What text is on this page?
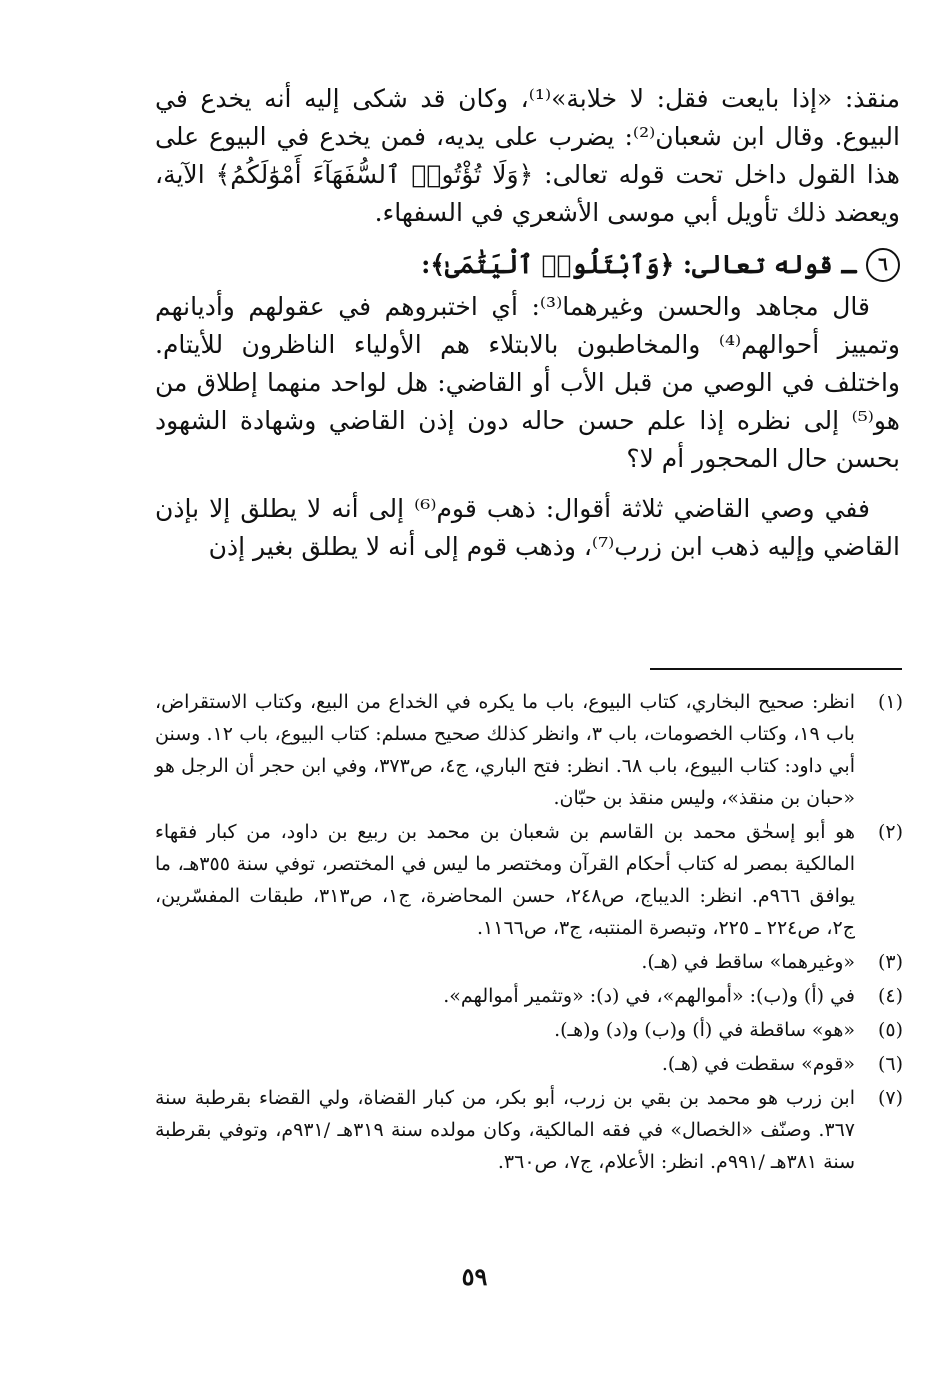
منقذ: «إذا بايعت فقل: لا خلابة»⁽¹⁾، وكان قد شكى إليه أنه يخدع في البيوع. وقال ابن شعبان⁽²⁾: يضرب على يديه، فمن يخدع في البيوع على هذا القول داخل تحت قوله تعالى: ﴿وَلَا تُؤْتُوا۟ ٱلسُّفَهَآءَ أَمْوَٰلَكُمُ﴾ الآية، ويعضد ذلك تأويل أبي موسى الأشعري في السفهاء.

٦
ـ قوله تعالى: ﴿وَٱبْتَلُوا۟ ٱلْيَتَٰمَىٰ﴾:

قال مجاهد والحسن وغيرهما⁽³⁾: أي اختبروهم في عقولهم وأديانهم وتمييز أحوالهم⁽⁴⁾ والمخاطبون بالابتلاء هم الأولياء الناظرون للأيتام. واختلف في الوصي من قبل الأب أو القاضي: هل لواحد منهما إطلاق من هو⁽⁵⁾ إلى نظره إذا علم حسن حاله دون إذن القاضي وشهادة الشهود بحسن حال المحجور أم لا؟

ففي وصي القاضي ثلاثة أقوال: ذهب قوم⁽⁶⁾ إلى أنه لا يطلق إلا بإذن القاضي وإليه ذهب ابن زرب⁽⁷⁾، وذهب قوم إلى أنه لا يطلق بغير إذن

(١)
انظر: صحيح البخاري، كتاب البيوع، باب ما يكره في الخداع من البيع، وكتاب الاستقراض، باب ١٩، وكتاب الخصومات، باب ٣، وانظر كذلك صحيح مسلم: كتاب البيوع، باب ١٢. وسنن أبي داود: كتاب البيوع، باب ٦٨. انظر: فتح الباري، ج٤، ص٣٧٣، وفي ابن حجر أن الرجل هو «حبان بن منقذ»، وليس منقذ بن حبّان.
(٢)
هو أبو إسحٰق محمد بن القاسم بن شعبان بن محمد بن ربيع بن داود، من كبار فقهاء المالكية بمصر له كتاب أحكام القرآن ومختصر ما ليس في المختصر، توفي سنة ٣٥٥هـ، ما يوافق ٩٦٦م. انظر: الديباج، ص٢٤٨، حسن المحاضرة، ج١، ص٣١٣، طبقات المفسّرين، ج٢، ص٢٢٤ ـ ٢٢٥، وتبصرة المنتبه، ج٣، ص١١٦٦.
(٣)
«وغيرهما» ساقط في (هـ).
(٤)
في (أ) و(ب): «أموالهم»، في (د): «وتثمير أموالهم».
(٥)
«هو» ساقطة في (أ) و(ب) و(د) و(هـ).
(٦)
«قوم» سقطت في (هـ).
(٧)
ابن زرب هو محمد بن بقي بن زرب، أبو بكر، من كبار القضاة، ولي القضاء بقرطبة سنة ٣٦٧. وصنّف «الخصال» في فقه المالكية، وكان مولده سنة ٣١٩هـ /٩٣١م، وتوفي بقرطبة سنة ٣٨١هـ /٩٩١م. انظر: الأعلام، ج٧، ص٣٦٠.
٥٩
